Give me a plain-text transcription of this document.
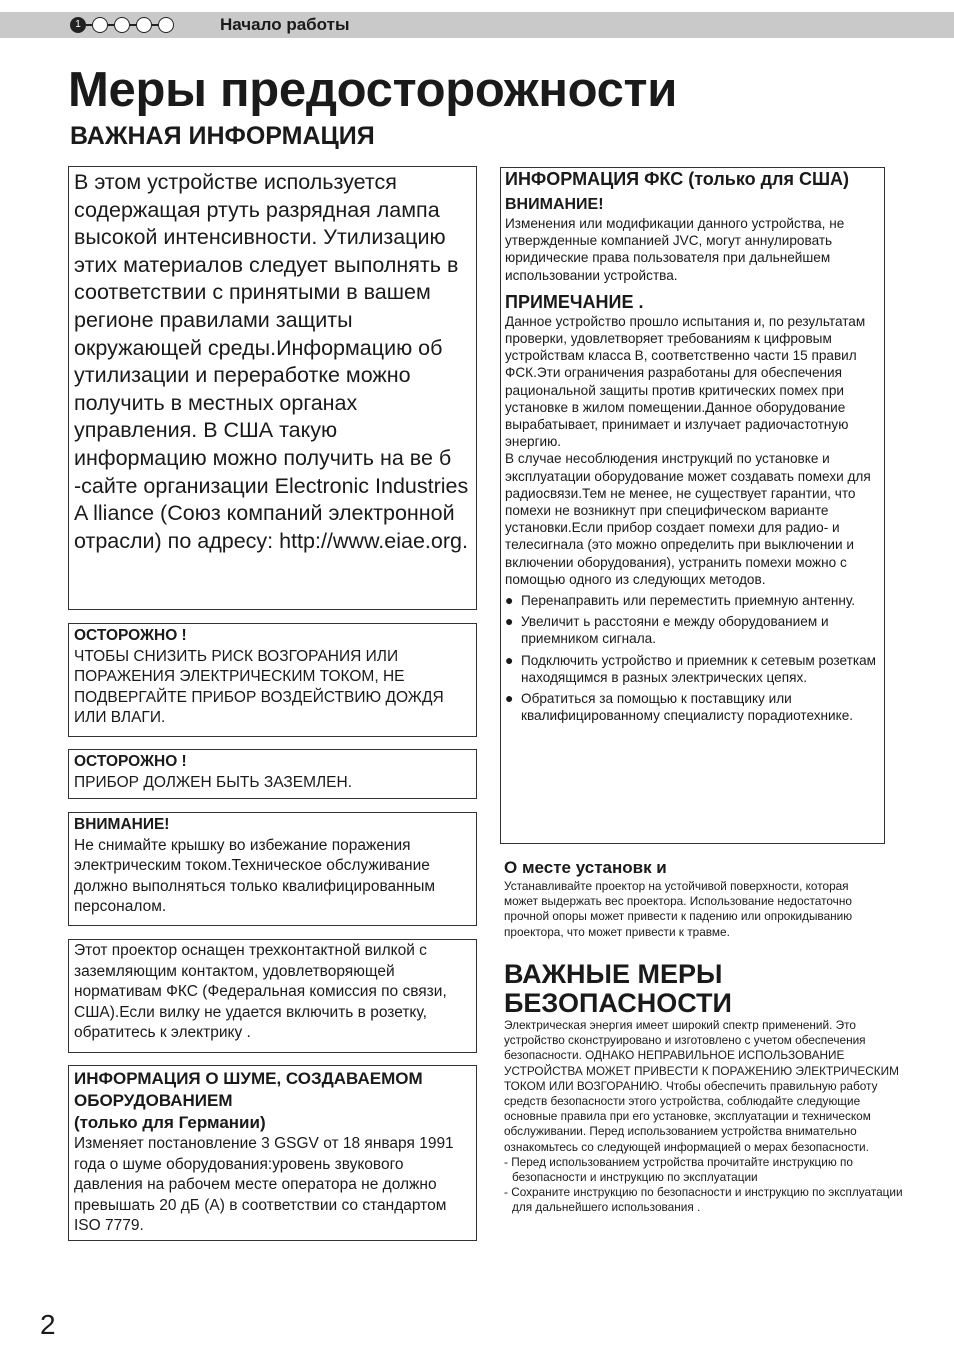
1	Начало работы
Меры предосторожности
ВАЖНАЯ ИНФОРМАЦИЯ

В этом устройстве используется содержащая ртуть разрядная лампа высокой интенсивности. Утилизацию этих материалов следует выполнять в соответствии с принятыми в вашем регионе правилами защиты окружающей среды.Информацию об утилизации и переработке можно получить в местных органах управления. В США такую информацию можно получить на ве б -сайте организации Electronic Industries A lliance (Союз компаний электронной отрасли) по адресу: http://www.eiae.org.

ОСТОРОЖНО !

ЧТОБЫ СНИЗИТЬ РИСК ВОЗГОРАНИЯ ИЛИ ПОРАЖЕНИЯ ЭЛЕКТРИЧЕСКИМ ТОКОМ, НЕ ПОДВЕРГАЙТЕ ПРИБОР ВОЗДЕЙСТВИЮ ДОЖДЯ ИЛИ ВЛАГИ.

ОСТОРОЖНО !

ПРИБОР ДОЛЖЕН БЫТЬ ЗАЗЕМЛЕН.

ВНИМАНИЕ!

Не снимайте крышку во избежание поражения электрическим током.Техническое обслуживание должно выполняться только квалифицированным персоналом.

Этот проектор оснащен трехконтактной вилкой с заземляющим контактом, удовлетворяющей нормативам ФКС (Федеральная комиссия по связи, США).Если вилку не удается включить в розетку, обратитесь к электрику .

ИНФОРМАЦИЯ О ШУМЕ, СОЗДАВАЕМОМ ОБОРУДОВАНИЕМ

(только для Германии)

Изменяет постановление 3 GSGV от 18 января 1991 года о шуме оборудования:уровень звукового давления на рабочем месте оператора не должно превышать 20 дБ (A) в соответствии со стандартом ISO 7779.

ИНФОРМАЦИЯ ФКС (только для США)

ВНИМАНИЕ!

Изменения или модификации данного устройства, не утвержденные компанией JVC, могут аннулировать юридические права пользователя при дальнейшем использовании устройства.

ПРИМЕЧАНИЕ .

Данное устройство прошло испытания и, по результатам проверки, удовлетворяет требованиям к цифровым устройствам класса B, соответственно части 15 правил ФСК.Эти ограничения разработаны для обеспечения рациональной защиты против критических помех при установке в жилом помещении.Данное оборудование вырабатывает, принимает и излучает радиочастотную энергию.

В случае несоблюдения инструкций по установке и эксплуатации оборудование может создавать помехи для радиосвязи.Тем не менее, не существует гарантии, что помехи не возникнут при специфическом варианте установки.Если прибор создает помехи для радио- и телесигнала (это можно определить при выключении и включении оборудования), устранить помехи можно с помощью одного из следующих методов.

● Перенаправить или переместить приемную антенну.
● Увеличит ь расстояни е между оборудованием и приемником сигнала.
● Подключить устройство и приемник к сетевым розеткам находящимся в разных электрических цепях.
● Обратиться за помощью к поставщику или квалифицированному специалисту порадиотехнике.

О месте установк и

Устанавливайте проектор на устойчивой поверхности, которая может выдержать вес проектора. Использование недостаточно прочной опоры может привести к падению или опрокидыванию проектора, что может привести к травме.

ВАЖНЫЕ МЕРЫ

БЕЗОПАСНОСТИ

Электрическая энергия имеет широкий спектр применений. Это устройство сконструировано и изготовлено с учетом обеспечения безопасности. ОДНАКО НЕПРАВИЛЬНОЕ ИСПОЛЬЗОВАНИЕ УСТРОЙСТВА МОЖЕТ ПРИВЕСТИ К ПОРАЖЕНИЮ ЭЛЕКТРИЧЕСКИМ ТОКОМ ИЛИ ВОЗГОРАНИЮ. Чтобы обеспечить правильную работу средств безопасности этого устройства, соблюдайте следующие основные правила при его установке, эксплуатации и техническом обслуживании. Перед использованием устройства внимательно ознакомьтесь со следующей информацией о мерах безопасности.

- Перед использованием устройства прочитайте инструкцию по безопасности и инструкцию по эксплуатации

- Сохраните инструкцию по безопасности и инструкцию по эксплуатации для дальнейшего использования .

2
